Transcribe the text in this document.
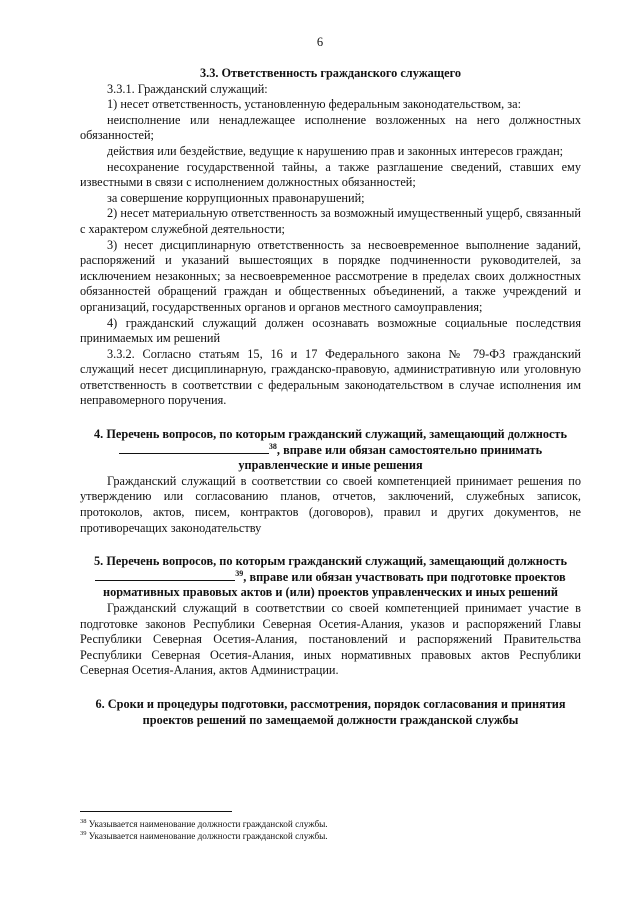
6

3.3. Ответственность гражданского служащего

3.3.1. Гражданский служащий:

1) несет ответственность, установленную федеральным законодательством, за:

неисполнение или ненадлежащее исполнение возложенных на него должностных обязанностей;

действия или бездействие, ведущие к нарушению прав и законных интересов граждан;

несохранение государственной тайны, а также разглашение сведений, ставших ему известными в связи с исполнением должностных обязанностей;

за совершение коррупционных правонарушений;

2) несет материальную ответственность за возможный имущественный ущерб, связанный с характером служебной деятельности;

3) несет дисциплинарную ответственность за несвоевременное выполнение заданий, распоряжений и указаний вышестоящих в порядке подчиненности руководителей, за исключением незаконных; за несвоевременное рассмотрение в пределах своих должностных обязанностей обращений граждан и общественных объединений, а также учреждений и организаций, государственных органов и органов местного самоуправления;

4) гражданский служащий должен осознавать возможные социальные последствия принимаемых им решений

3.3.2. Согласно статьям 15, 16 и 17 Федерального закона № 79-ФЗ гражданский служащий несет дисциплинарную, гражданско-правовую, административную или уголовную ответственность в соответствии с федеральным законодательством в случае исполнения им неправомерного поручения.

4. Перечень вопросов, по которым гражданский служащий, замещающий должность

$^{38}$, вправе или обязан самостоятельно принимать

управленческие и иные решения

Гражданский служащий в соответствии со своей компетенцией принимает решения по утверждению или согласованию планов, отчетов, заключений, служебных записок, протоколов, актов, писем, контрактов (договоров), правил и других документов, не противоречащих законодательству

5. Перечень вопросов, по которым гражданский служащий, замещающий должность

$^{39}$, вправе или обязан участвовать при подготовке проектов

нормативных правовых актов и (или) проектов управленческих и иных решений

Гражданский служащий в соответствии со своей компетенцией принимает участие в подготовке законов Республики Северная Осетия-Алания, указов и распоряжений Главы Республики Северная Осетия-Алания, постановлений и распоряжений Правительства Республики Северная Осетия-Алания, иных нормативных правовых актов Республики Северная Осетия-Алания, актов Администрации.

6. Сроки и процедуры подготовки, рассмотрения, порядок согласования и принятия

проектов решений по замещаемой должности гражданской службы

$^{38}$ Указывается наименование должности гражданской службы.

$^{39}$ Указывается наименование должности гражданской службы.
